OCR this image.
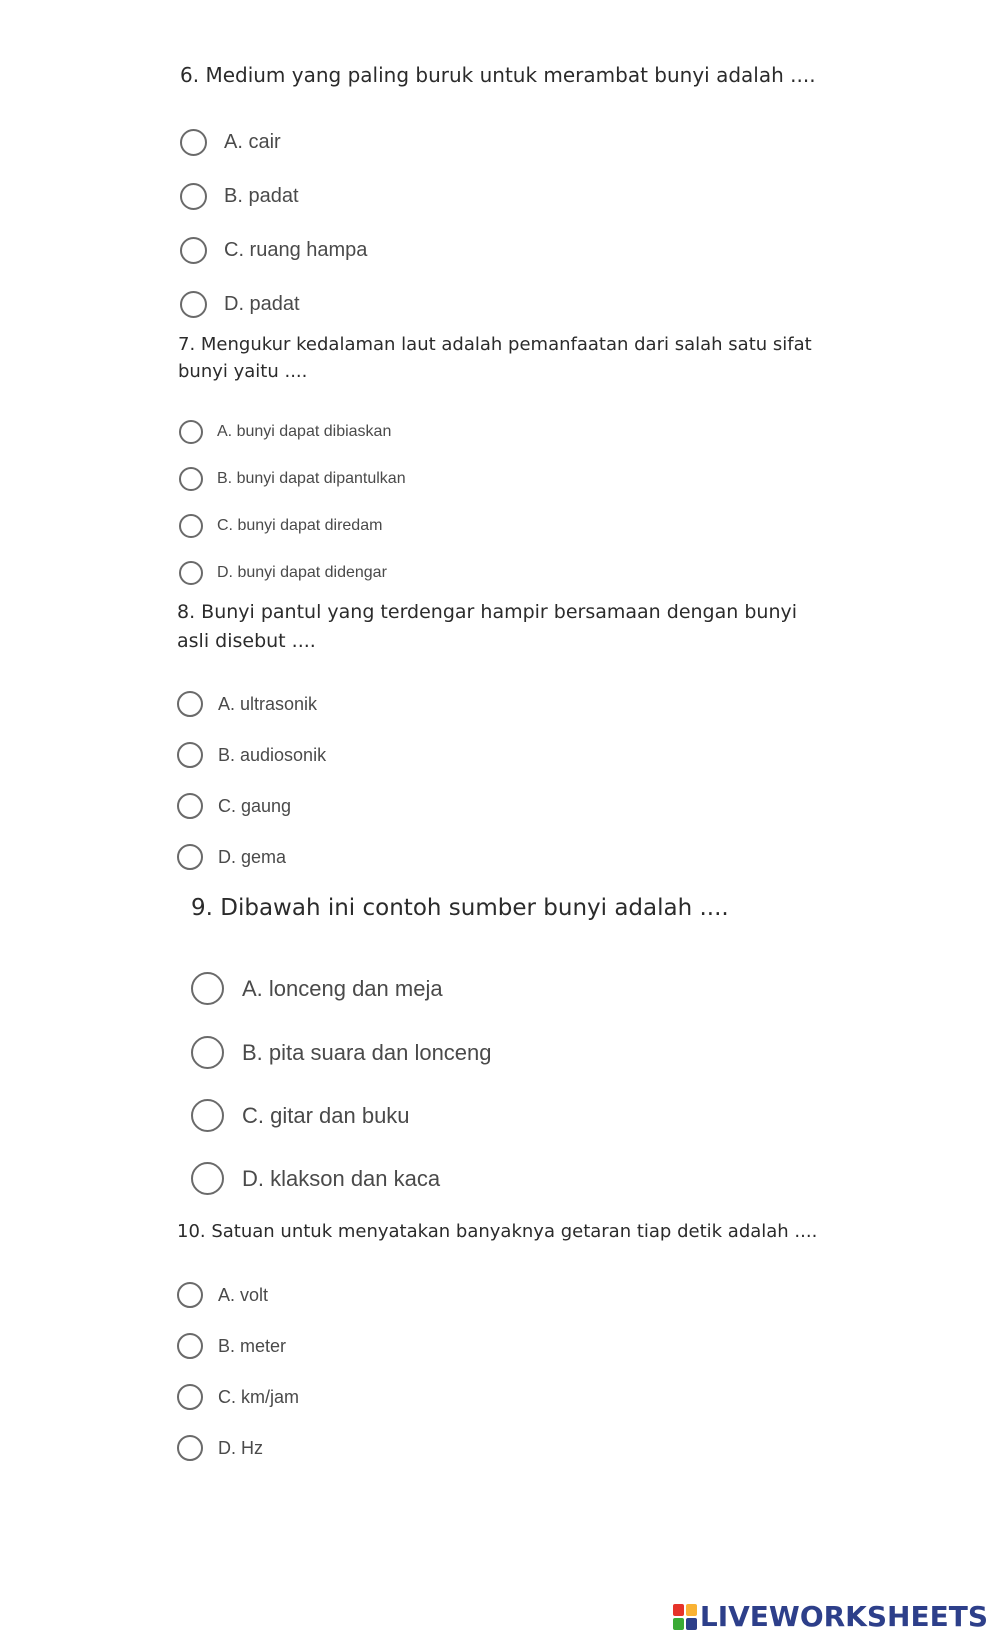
6. Medium yang paling buruk untuk merambat bunyi adalah ....
A. cair
B. padat
C. ruang hampa
D. padat
7. Mengukur kedalaman laut adalah pemanfaatan dari salah satu sifat bunyi yaitu ....
A. bunyi dapat dibiaskan
B. bunyi dapat dipantulkan
C. bunyi dapat diredam
D. bunyi dapat didengar
8. Bunyi pantul yang terdengar hampir bersamaan dengan bunyi asli disebut ....
A. ultrasonik
B. audiosonik
C. gaung
D. gema
9. Dibawah ini contoh sumber bunyi adalah ....
A. lonceng dan meja
B. pita suara dan lonceng
C. gitar dan buku
D. klakson dan kaca
10. Satuan untuk menyatakan banyaknya getaran tiap detik adalah ....
A. volt
B. meter
C. km/jam
D. Hz
LIVEWORKSHEETS
